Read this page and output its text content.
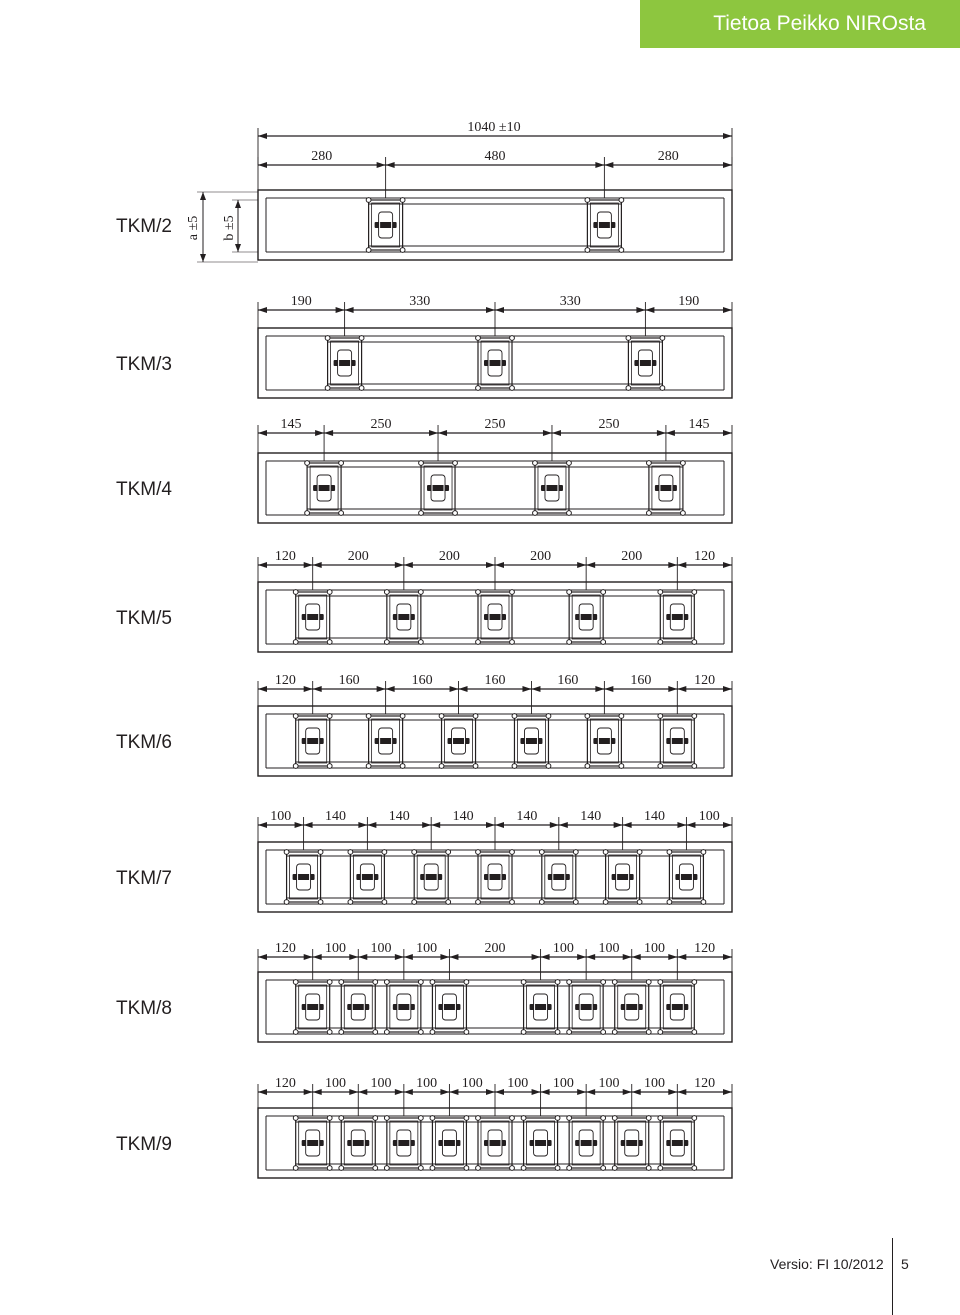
Tietoa Peikko NIROsta
1040 ±10
a ±5 b ±5
TKM/2
280	480	280
TKM/3
190	330	330	190
TKM/4
145	250	250	250	145
TKM/5
120	200	200	200	200	120
TKM/6
120	160	160	160	160	160	120
TKM/7
100 140	140	140	140	140	140 100
TKM/8
120 100 100 100	200	100 100 100 120
TKM/9
120 100 100 100 100 100 100 100 100 120
Versio: FI 10/2012 5
